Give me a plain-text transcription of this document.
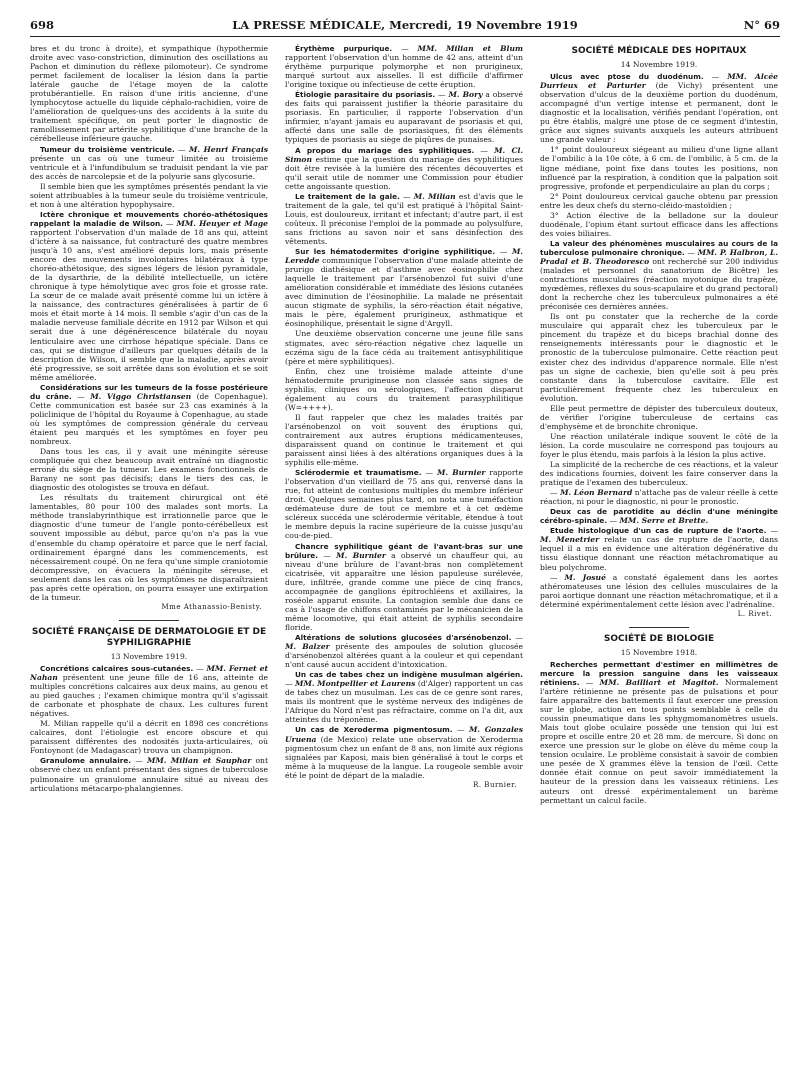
698	LA PRESSE MÉDICALE, Mercredi, 19 Novembre 1919	N° 69

bres et du tronc à droite), et sympathique (hypothermie droite avec vaso-constriction, diminution des oscillations au Pachon et diminution du réflexe pilomoteur). Ce syndrome permet facilement de localiser la lésion dans la partie latérale gauche de l'étage moyen de la calotte protubérantielle. En raison d'une iritis ancienne, d'une lymphocytose actuelle du liquide céphalo-rachidien, voire de l'amélioration de quelques-uns des accidents à la suite du traitement spécifique, on peut porter le diagnostic de ramollissement par artérite syphilitique d'une branche de la cérébelleuse inférieure gauche.

Tumeur du troisième ventricule. — M. Henri Français présente un cas où une tumeur limitée au troisième ventricule et à l'infundibulum se traduisit pendant la vie par des accès de narcolepsie et de la polyurie sans glycosurie.

Il semble bien que les symptômes présentés pendant la vie soient attribuables à la tumeur seule du troisième ventricule, et non à une altération hypophysaire.

Ictère chronique et mouvements choréo-athétosiques rappelant la maladie de Wilson. — MM. Heuyer et Mage rapportent l'observation d'un malade de 18 ans qui, atteint d'ictère à sa naissance, fut contracturé des quatre membres jusqu'à 10 ans, s'est amélioré depuis lors, mais présente encore des mouvements involontaires bilatéraux à type choréo-athétosique, des signes légers de lésion pyramidale, de la dysarthrie, de la débilité intellectuelle, un ictère chronique à type hémolytique avec gros foie et grosse rate. La sœur de ce malade avait présenté comme lui un ictère à la naissance, des contractures généralisées à partir de 6 mois et était morte à 14 mois. Il semble s'agir d'un cas de la maladie nerveuse familiale décrite en 1912 par Wilson et qui serait due à une dégénérescence bilatérale du noyau lenticulaire avec une cirrhose hépatique spéciale. Dans ce cas, qui se distingue d'ailleurs par quelques détails de la description de Wilson, il semble que la maladie, après avoir été progressive, se soit arrêtée dans son évolution et se soit même améliorée.

Considérations sur les tumeurs de la fosse postérieure du crâne. — M. Viggo Christiansen (de Copenhague). Cette communication est basée sur 23 cas examinés à la policlinique de l'hôpital du Royaume à Copenhague, au stade où les symptômes de compression générale du cerveau étaient peu marqués et les symptômes en foyer peu nombreux.

Dans tous les cas, il y avait une méningite séreuse compliquée qui chez beaucoup avait entraîné un diagnostic erroné du siège de la tumeur. Les examens fonctionnels de Barany ne sont pas décisifs; dans le tiers des cas, le diagnostic des otologistes se trouva en défaut.

Les résultats du traitement chirurgical ont été lamentables, 80 pour 100 des malades sont morts. La méthode translabyrinthique est irrationnelle parce que le diagnostic d'une tumeur de l'angle ponto-cérébelleux est souvent impossible au début, parce qu'on n'a pas la vue d'ensemble du champ opératoire et parce que le nerf facial, ordinairement épargné dans les commencements, est nécessairement coupé. On ne fera qu'une simple craniotomie décompressive, on évacuera la méningite séreuse, et seulement dans les cas où les symptômes ne disparaîtraient pas après cette opération, on pourra essayer une extirpation de la tumeur.

Mme Athanassio-Benisty.
SOCIÉTÉ FRANÇAISE DE DERMATOLOGIE ET DE SYPHILIGRAPHIE
13 Novembre 1919.

Concrétions calcaires sous-cutanées. — MM. Fernet et Nahan présentent une jeune fille de 16 ans, atteinte de multiples concrétions calcaires aux deux mains, au genou et au pied gauches ; l'examen chimique montra qu'il s'agissait de carbonate et phosphate de chaux. Les cultures furent négatives.

M. Milian rappelle qu'il a décrit en 1898 ces concrétions calcaires, dont l'étiologie est encore obscure et qui paraissent différentes des nodosités juxta-articulaires, où Fontoynont (de Madagascar) trouva un champignon.

Granulome annulaire. — MM. Milian et Sauphar ont observé chez un enfant présentant des signes de tuberculose pulmonaire un granulome annulaire situé au niveau des articulations métacarpo-phalangiennes.

Érythème purpurique. — MM. Milian et Blum rapportent l'observation d'un homme de 42 ans, atteint d'un érythème purpurique polymorphe et non prurigineux, marqué surtout aux aisselles. Il est difficile d'affirmer l'origine toxique ou infectieuse de cette éruption.

Étiologie parasitaire du psoriasis. — M. Bory a observé des faits qui paraissent justifier la théorie parasitaire du psoriasis. En particulier, il rapporte l'observation d'un infirmier, n'ayant jamais eu auparavant de psoriasis et qui, affecté dans une salle de psoriasiques, fit des éléments typiques de psoriasis au siège de piqûres de punaises.

A propos du mariage des syphilitiques. — M. Cl. Simon estime que la question du mariage des syphilitiques doit être revisée à la lumière des récentes découvertes et qu'il serait utile de nommer une Commission pour étudier cette angoissante question.

Le traitement de la gale. — M. Milian est d'avis que le traitement de la gale, tel qu'il est pratiqué à l'hôpital Saint-Louis, est douloureux, irritant et infectant; d'autre part, il est coûteux. Il préconise l'emploi de la pommade au polysulfure, sans frictions au savon noir et sans désinfection des vêtements.

Sur les hématodermites d'origine syphilitique. — M. Leredde communique l'observation d'une malade atteinte de prurigo diathésique et d'asthme avec éosinophilie chez laquelle le traitement par l'arsénobenzol fut suivi d'une amélioration considérable et immédiate des lésions cutanées avec diminution de l'éosinophilie. La malade ne présentait aucun stigmate de syphilis, la séro-réaction était négative, mais le père, également prurigineux, asthmatique et éosinophilique, présentait le signe d'Argyll.

Une deuxième observation concerne une jeune fille sans stigmates, avec séro-réaction négative chez laquelle un eczéma sigu de la face céda au traitement antisyphilitique (père et mère syphilitiques).

Enfin, chez une troisième malade atteinte d'une hématodermite prurigineuse non classée sans signes de syphilis, cliniques ou sérologiques, l'affection disparut également au cours du traitement parasyphilitique (W=++++).

Il faut rappeler que chez les malades traités par l'arsénobenzol on voit souvent des éruptions qui, contrairement aux autres éruptions médicamenteuses, disparaissent quand on continue le traitement et qui paraissent ainsi liées à des altérations organiques dues à la syphilis elle-même.

Sclérodermie et traumatisme. — M. Burnier rapporte l'observation d'un vieillard de 75 ans qui, renversé dans la rue, fut atteint de contusions multiples du membre inférieur droit. Quelques semaines plus tard, on nota une tuméfaction œdémateuse dure de tout ce membre et à cet œdème scléreux succéda une sclérodermie véritable, étendue à tout le membre depuis la racine supérieure de la cuisse jusqu'au cou-de-pied.

Chancre syphilitique géant de l'avant-bras sur une brûlure. — M. Burnier a observé un chauffeur qui, au niveau d'une brûlure de l'avant-bras non complètement cicatrisée, vit apparaître une lésion papuleuse surélevée, dure, infiltrée, grande comme une pièce de cinq francs, accompagnée de ganglions épitrochléens et axillaires, la roséole apparut ensuite. La contagion semble due dans ce cas à l'usage de chiffons contaminés par le mécanicien de la même locomotive, qui était atteint de syphilis secondaire floride.

Altérations de solutions glucosées d'arsénobenzol. — M. Balzer présente des ampoules de solution glucosée d'arsénobenzol altérées quant à la couleur et qui cependant n'ont causé aucun accident d'intoxication.

Un cas de tabes chez un indigène musulman algérien. — MM. Montpellier et Laurens (d'Alger) rapportent un cas de tabes chez un musulman. Les cas de ce genre sont rares, mais ils montrent que le système nerveux des indigènes de l'Afrique du Nord n'est pas réfractaire, comme on l'a dit, aux atteintes du tréponème.

Un cas de Xeroderma pigmentosum. — M. Gonzales Uruena (de Mexico) relate une observation de Xeroderma pigmentosum chez un enfant de 8 ans, non limité aux régions signalées par Kaposi, mais bien généralisé à tout le corps et même à la muqueuse de la langue. La rougeole semble avoir été le point de départ de la maladie.

R. Burnier.
SOCIÉTÉ MÉDICALE DES HOPITAUX
14 Novembre 1919.

Ulcus avec ptose du duodénum. — MM. Alcée Durrieux et Parturier (de Vichy) présentent une observation d'ulcus de la deuxième portion du duodénum, accompagné d'un vertige intense et permanent, dont le diagnostic et la localisation, vérifiés pendant l'opération, ont pu être établis, malgré une ptose de ce segment d'intestin, grâce aux signes suivants auxquels les auteurs attribuent une grande valeur :

1° point douloureux siégeant au milieu d'une ligne allant de l'ombilic à la 10e côte, à 6 cm. de l'ombilic, à 5 cm. de la ligne médiane, point fixe dans toutes les positions, non influencé par la respiration, à condition que la palpation soit progressive, profonde et perpendiculaire au plan du corps ;

2° Point douloureux cervical gauche obtenu par pression entre les deux chefs du sterno-cléido-mastoïdien ;

3° Action élective de la belladone sur la douleur duodénale, l'opium étant surtout efficace dans les affections des voies biliaires.

La valeur des phénomènes musculaires au cours de la tuberculose pulmonaire chronique. — MM. P. Halbron, L. Pradal et B. Theodoresco ont recherché sur 200 individus (malades et personnel du sanatorium de Bicêtre) les contractions musculaires (réaction myotonique du trapèze, myœdèmes, réflexes du sous-scapulaire et du grand pectoral) dont la recherche chez les tuberculeux pulmonaires a été préconisée ces dernières années.

Ils ont pu constater que la recherche de la corde musculaire qui apparaît chez les tuberculeux par le pincement du trapèze et du biceps brachial donne des renseignements intéressants pour le diagnostic et le pronostic de la tuberculose pulmonaire. Cette réaction peut exister chez des individus d'apparence normale. Elle n'est pas un signe de cachexie, bien qu'elle soit à peu près constante dans la tuberculose cavitaire. Elle est particulièrement fréquente chez les tuberculeux en évolution.

Elle peut permettre de dépister des tuberculeux douteux, de vérifier l'origine tuberculeuse de certains cas d'emphysème et de bronchite chronique.

Une réaction unilatérale indique souvent le côté de la lésion. La corde musculaire ne correspond pas toujours au foyer le plus étendu, mais parfois à la lésion la plus active.

La simplicité de la recherche de ces réactions, et la valeur des indications fournies, doivent les faire conserver dans la pratique de l'examen des tuberculeux.

— M. Léon Bernard n'attache pas de valeur réelle à cette réaction, ni pour le diagnostic, ni pour le pronostic.

Deux cas de parotidite au déclin d'une méningite cérébro-spinale. — MM. Serre et Brette.

Etude histologique d'un cas de rupture de l'aorte. — M. Menetrier relate un cas de rupture de l'aorte, dans lequel il a mis en évidence une altération dégénérative du tissu élastique donnant une réaction métachromatique au bleu polychrome.

— M. Josué a constaté également dans les aortes athéromateuses une lésion des cellules musculaires de la paroi aortique donnant une réaction métachromatique, et il a déterminé expérimentalement cette lésion avec l'adrénaline.

L. Rivet.
SOCIÉTÉ DE BIOLOGIE
15 Novembre 1918.

Recherches permettant d'estimer en millimètres de mercure la pression sanguine dans les vaisseaux rétiniens. — MM. Bailliart et Magitot. Normalement l'artère rétinienne ne présente pas de pulsations et pour faire apparaître des battements il faut exercer une pression sur le globe, action en tous points semblable à celle du coussin pneumatique dans les sphygmomanomètres usuels. Mais tout globe oculaire possède une tension qui lui est propre et oscille entre 20 et 28 mm. de mercure. Si donc on exerce une pression sur le globe on élève du même coup la tension oculaire. Le problème consistait à savoir de combien une pesée de X grammes élève la tension de l'œil. Cette donnée était connue on peut savoir immédiatement la hauteur de la pression dans les vaisseaux rétiniens. Les auteurs ont dressé expérimentalement un barème permettant un calcul facile.
